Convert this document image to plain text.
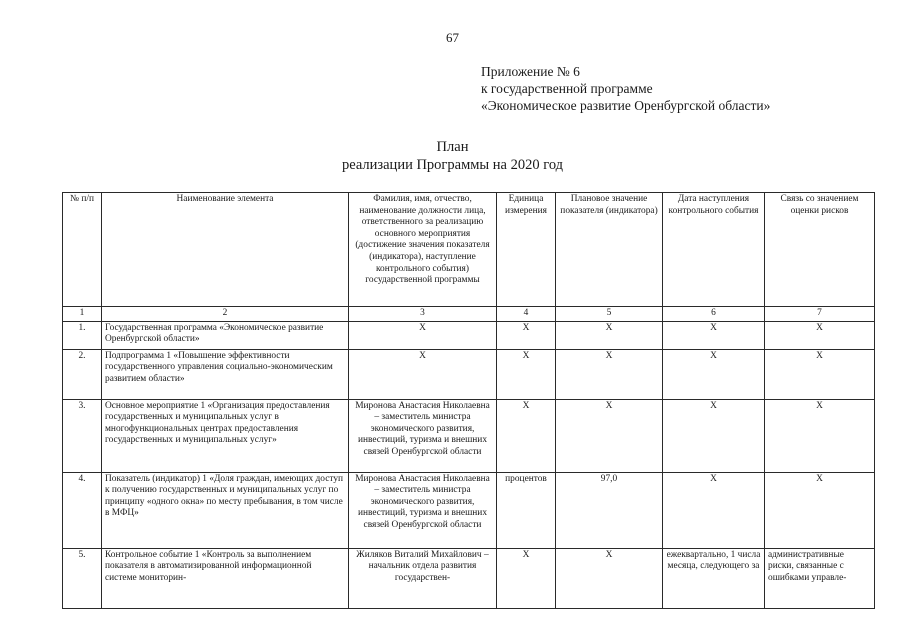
67
Приложение № 6
к государственной программе
«Экономическое развитие Оренбургской области»
План
реализации Программы на 2020 год
№ п/п	Наименование элемента	Фамилия, имя, отчество, наименование должности лица, ответственного за реализацию основного мероприятия (достижение значения показателя (индикатора), наступление контрольного события) государственной программы	Единица измерения	Плановое значение показателя (индикатора)	Дата наступления контрольного события	Связь со значением оценки рисков
1	2	3	4	5	6	7
1.	Государственная программа «Экономическое развитие Оренбургской области»	Х	Х	Х	Х	Х
2.	Подпрограмма 1 «Повышение эффективности государственного управления социально-экономическим развитием области»	Х	Х	Х	Х	Х
3.	Основное мероприятие 1 «Организация предоставления государственных и муниципальных услуг в многофункциональных центрах предоставления государственных и муниципальных услуг»	Миронова Анастасия Николаевна – заместитель министра экономического развития, инвестиций, туризма и внешних связей Оренбургской области	Х	Х	Х	Х
4.	Показатель (индикатор) 1 «Доля граждан, имеющих доступ к получению государственных и муниципальных услуг по принципу «одного окна» по месту пребывания, в том числе в МФЦ»	Миронова Анастасия Николаевна – заместитель министра экономического развития, инвестиций, туризма и внешних связей Оренбургской области	процентов	97,0	Х	Х
5.	Контрольное событие 1 «Контроль за выполнением показателя в автоматизированной информационной системе мониторин-	Жиляков Виталий Михайлович – начальник отдела развития государствен-	Х	Х	ежеквартально, 1 числа месяца, следующего за	административные риски, связанные с ошибками управле-
